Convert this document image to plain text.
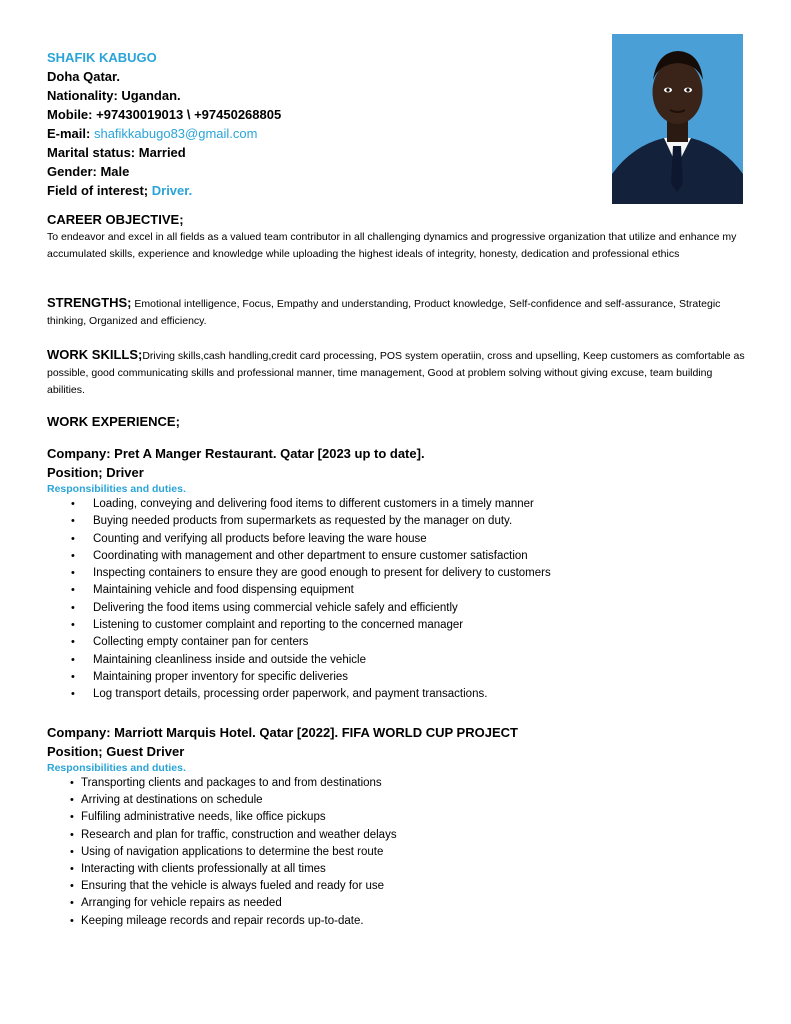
SHAFIK KABUGO
Doha Qatar.
Nationality: Ugandan.
Mobile: +97430019013 \ +97450268805
E-mail: shafikkabugo83@gmail.com
Marital status: Married
Gender: Male
Field of interest; Driver.
CAREER OBJECTIVE;
To endeavor and excel in all fields as a valued team contributor in all challenging dynamics and progressive organization that utilize and enhance my accumulated skills, experience and knowledge while uploading the highest ideals of integrity, honesty, dedication and professional ethics
STRENGTHS; Emotional intelligence, Focus, Empathy and understanding, Product knowledge, Self-confidence and self-assurance, Strategic thinking, Organized and efficiency.
WORK SKILLS;Driving skills,cash handling,credit card processing, POS system operatiin, cross and upselling, Keep customers as comfortable as possible, good communicating skills and professional manner, time management, Good at problem solving without giving excuse, team building abilities.
WORK EXPERIENCE;
Company: Pret A Manger Restaurant. Qatar [2023 up to date].
Position; Driver
Responsibilities and duties.
• Loading, conveying and delivering food items to different customers in a timely manner
• Buying needed products from supermarkets as requested by the manager on duty.
• Counting and verifying all products before leaving the ware house
• Coordinating with management and other department to ensure customer satisfaction
• Inspecting containers to ensure they are good enough to present for delivery to customers
• Maintaining vehicle and food dispensing equipment
• Delivering the food items using commercial vehicle safely and efficiently
• Listening to customer complaint and reporting to the concerned manager
• Collecting empty container pan for centers
• Maintaining cleanliness inside and outside the vehicle
• Maintaining proper inventory for specific deliveries
• Log transport details, processing order paperwork, and payment transactions.
Company: Marriott Marquis Hotel. Qatar [2022]. FIFA WORLD CUP PROJECT
Position; Guest Driver
Responsibilities and duties.
• Transporting clients and packages to and from destinations
• Arriving at destinations on schedule
• Fulfiling administrative needs, like office pickups
• Research and plan for traffic, construction and weather delays
• Using of navigation applications to determine the best route
• Interacting with clients professionally at all times
• Ensuring that the vehicle is always fueled and ready for use
• Arranging for vehicle repairs as needed
• Keeping mileage records and repair records up-to-date.
